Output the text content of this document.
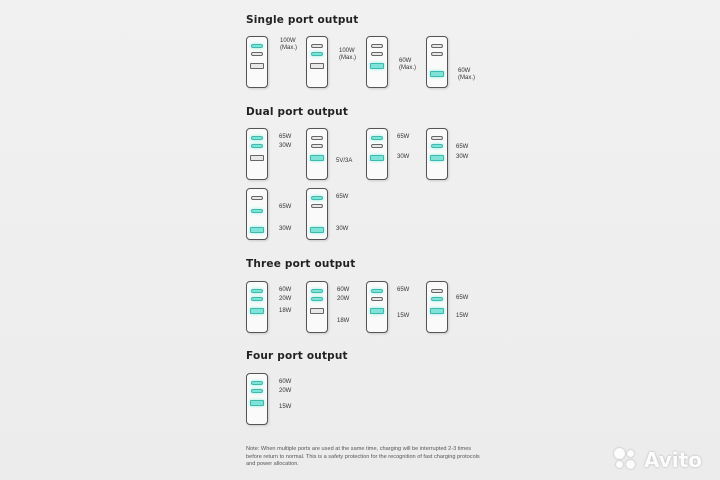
Single port output
100W
(Max.)	100W
(Max.)	60W
(Max.)	60W
(Max.)
Dual port output
65W
30W
5V/3A
65W
30W
65W
30W
65W
30W
65W
30W
Three port output
60W
20W
18W
60W
20W
18W
65W
15W
65W
15W
Four port output
60W
20W
15W
Note: When multiple ports are used at the same time, charging will be interrupted 2-3 times before return to normal. This is a safety protection for the recognition of fast charging protocols and power allocation.	Avito
